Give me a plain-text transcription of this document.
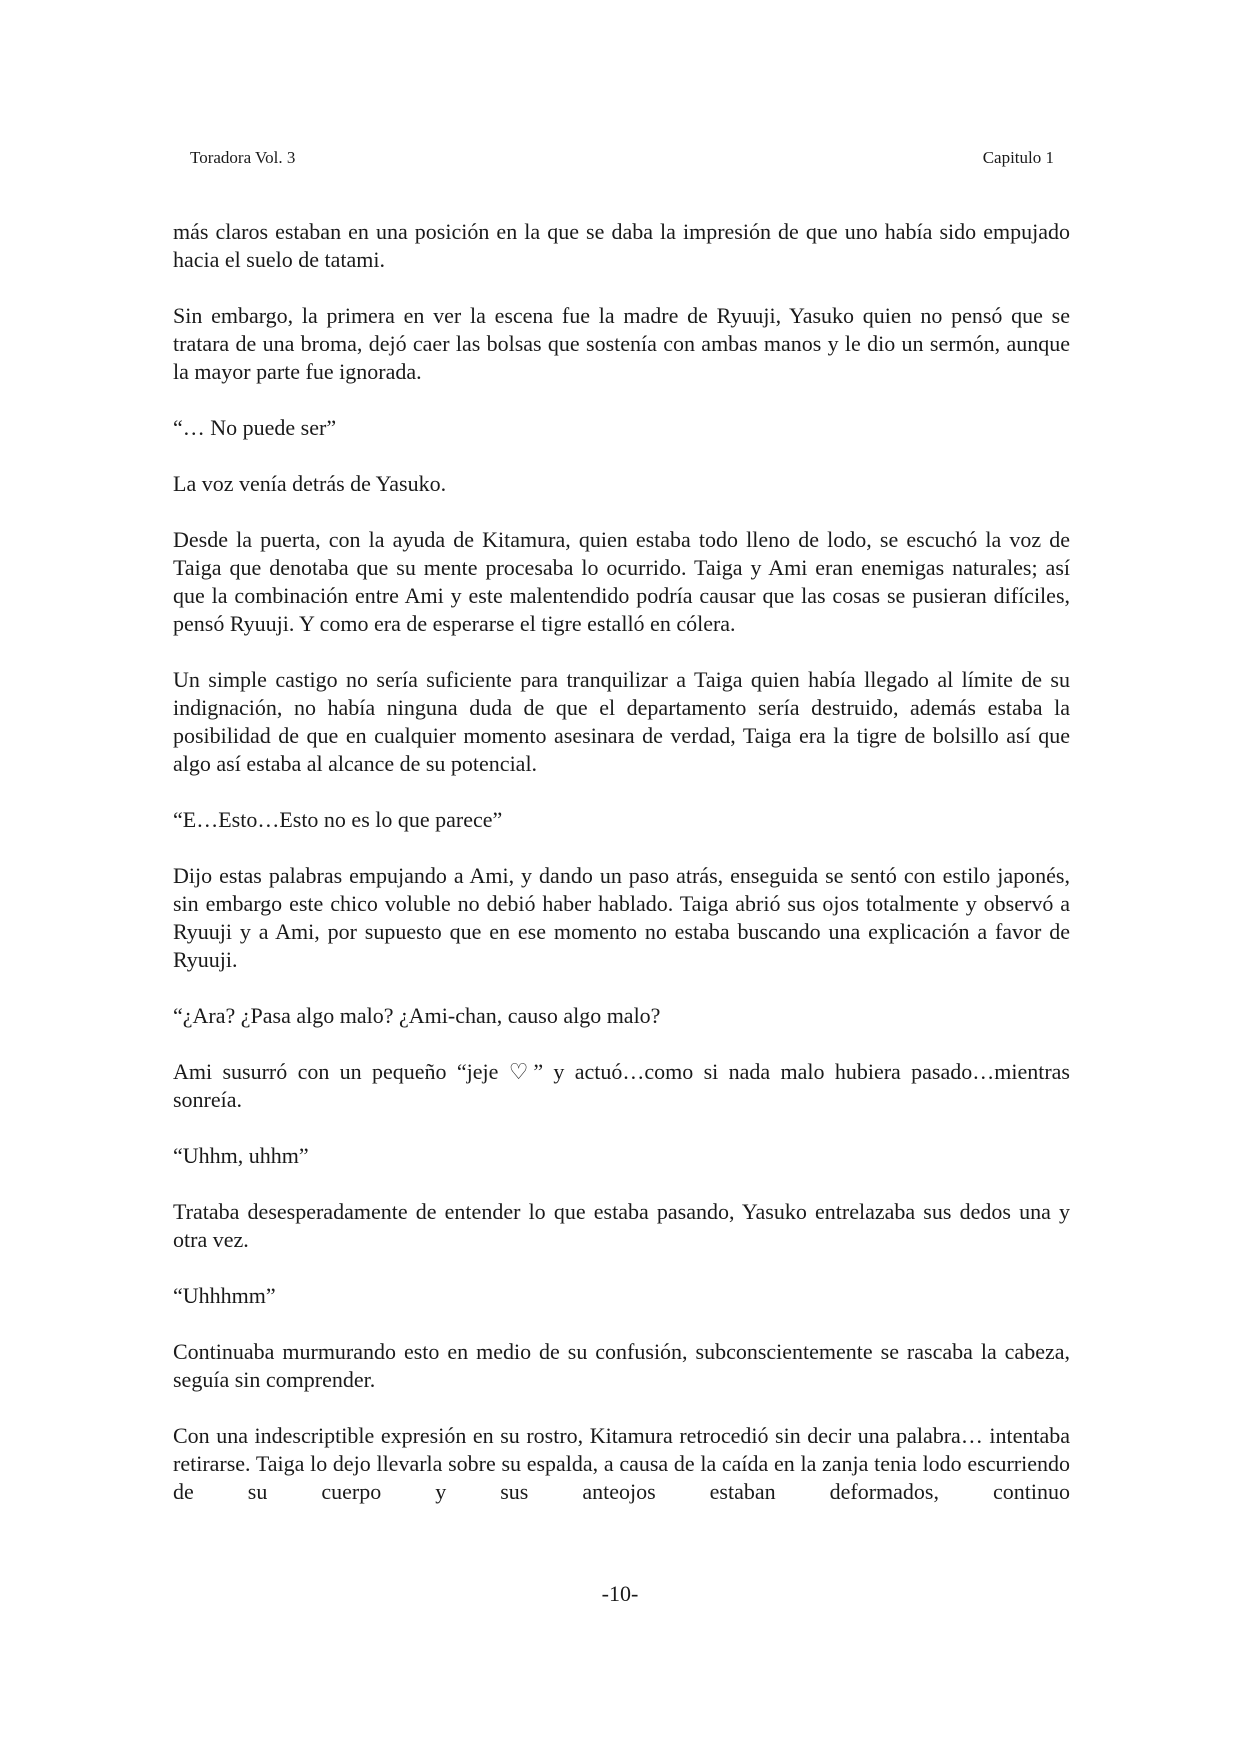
Toradora Vol. 3	Capitulo 1

más claros estaban en una posición en la que se daba la impresión de que uno había sido empujado hacia el suelo de tatami.

Sin embargo, la primera en ver la escena fue la madre de Ryuuji, Yasuko quien no pensó que se tratara de una broma, dejó caer las bolsas que sostenía con ambas manos y le dio un sermón, aunque la mayor parte fue ignorada.

“… No puede ser”

La voz venía detrás de Yasuko.

Desde la puerta, con la ayuda de Kitamura, quien estaba todo lleno de lodo, se escuchó la voz de Taiga que denotaba que su mente procesaba lo ocurrido. Taiga y Ami eran enemigas naturales; así que la combinación entre Ami y este malentendido podría causar que las cosas se pusieran difíciles, pensó Ryuuji. Y como era de esperarse el tigre estalló en cólera.

Un simple castigo no sería suficiente para tranquilizar a Taiga quien había llegado al límite de su indignación, no había ninguna duda de que el departamento sería destruido, además estaba la posibilidad de que en cualquier momento asesinara de verdad, Taiga era la tigre de bolsillo así que algo así estaba al alcance de su potencial.

“E…Esto…Esto no es lo que parece”

Dijo estas palabras empujando a Ami, y dando un paso atrás, enseguida se sentó con estilo japonés, sin embargo este chico voluble no debió haber hablado. Taiga abrió sus ojos totalmente y observó a Ryuuji y a Ami, por supuesto que en ese momento no estaba buscando una explicación a favor de Ryuuji.

“¿Ara? ¿Pasa algo malo? ¿Ami-chan, causo algo malo?

Ami susurró con un pequeño “jeje ♡” y actuó…como si nada malo hubiera pasado…mientras sonreía.

“Uhhm, uhhm”

Trataba desesperadamente de entender lo que estaba pasando, Yasuko entrelazaba sus dedos una y otra vez.

“Uhhhmm”

Continuaba murmurando esto en medio de su confusión, subconscientemente se rascaba la cabeza, seguía sin comprender.

Con una indescriptible expresión en su rostro, Kitamura retrocedió sin decir una palabra… intentaba retirarse. Taiga lo dejo llevarla sobre su espalda, a causa de la caída en la zanja tenia lodo escurriendo de su cuerpo y sus anteojos estaban deformados, continuo

-10-
